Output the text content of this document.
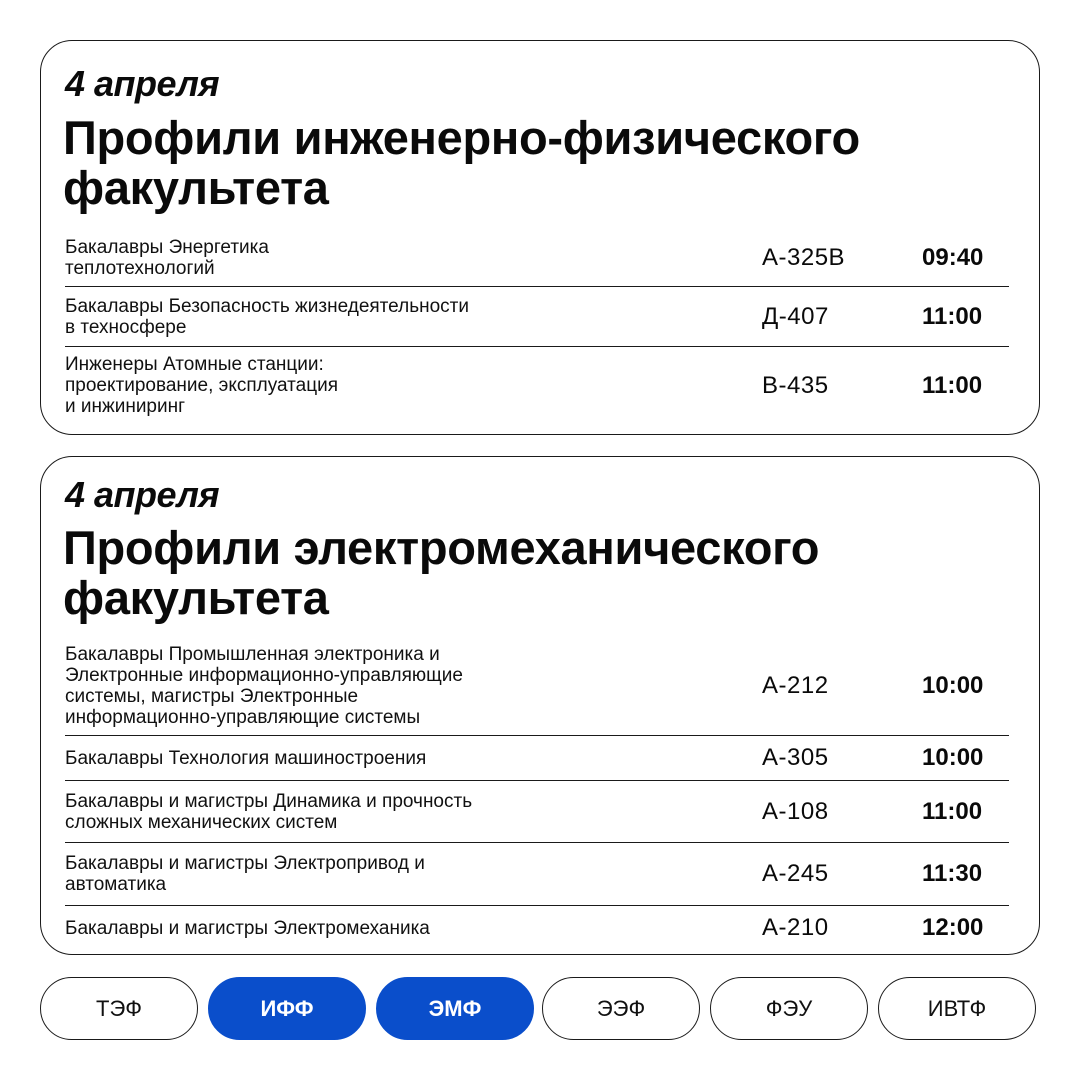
4 апреля
Профили инженерно-физического факультета
Бакалавры Энергетика
теплотехнологий	А-325В	09:40
Бакалавры Безопасность жизнедеятельности
в техносфере	Д-407	11:00
Инженеры Атомные станции:
проектирование, эксплуатация
и инжиниринг
В-435	11:00
4 апреля
Профили электромеханического факультета
Бакалавры Промышленная электроника и
Электронные информационно-управляющие
системы, магистры Электронные
информационно-управляющие системы
А-212	10:00
Бакалавры Технология машиностроения	А-305	10:00
Бакалавры и магистры Динамика и прочность
сложных механических систем	А-108	11:00
Бакалавры и магистры Электропривод и
автоматика	А-245	11:30
Бакалавры и магистры Электромеханика	А-210	12:00
ТЭФ	ИФФ	ЭМФ	ЭЭФ	ФЭУ	ИВТФ
